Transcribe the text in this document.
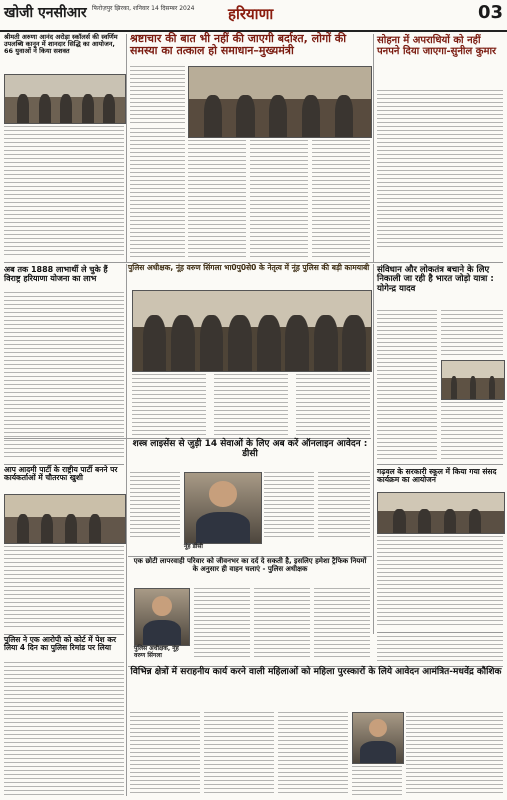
खोजी एनसीआर फिरोज़पुर झिरका, शनिवार 14 दिसम्बर 2024	हरियाणा	03
श्रीमती अरुणा आनंद अरोड़ा स्कॉलर्स की स्वर्णिम उपलब्धि कानून में शानदार सिद्धि का आयोजन, 66 युवाओं ने किया सशक्त
श्रष्टाचार की बात भी नहीं की जाएगी बर्दाश्त, लोगों की समस्या का तत्काल हो समाधान–मुख्यमंत्री
सोहना में अपराधियों को नहीं पनपने दिया जाएगा-सुनील कुमार
पुलिस अधीक्षक, नूंह वरुण सिंगला भा0पु0से0 के नेतृत्व में नूंह पुलिस की बड़ी कामयाबी
अब तक 1888 लाभार्थी ले चुके हैं विराष्ट्र हरियाणा योजना का लाभ
संविधान और लोकतंत्र बचाने के लिए निकाली जा रही है भारत जोड़ो यात्रा : योगेन्द्र यादव
शस्त्र लाइसेंस से जुड़ी 14 सेवाओं के लिए अब करें ऑनलाइन आवेदन : डीसी
नूंह डीसी
आप आदमी पार्टी के राष्ट्रीय पार्टी बनने पर कार्यकर्ताओं में चौतरफा खुशी
गढ़वल के सरकारी स्कूल में किया गया संसद कार्यक्रम का आयोजन
एक छोटी लापरवाही परिवार को जीवनभर का दर्द दे सकती है, इसलिए हमेशा ट्रैफिक नियमों के अनुसार ही वाहन चलाएं - पुलिस अधीक्षक
पुलिस अधीक्षक, नूंह वरुण सिंगला
पुलिस ने एक आरोपी को कोर्ट में पेश कर लिया 4 दिन का पुलिस रिमांड पर लिया
विभिन्न क्षेत्रों में सराहनीय कार्य करने वाली महिलाओं को महिला पुरस्कारों के लिये आवेदन आमंत्रित-मधवेंद्र कौशिक
